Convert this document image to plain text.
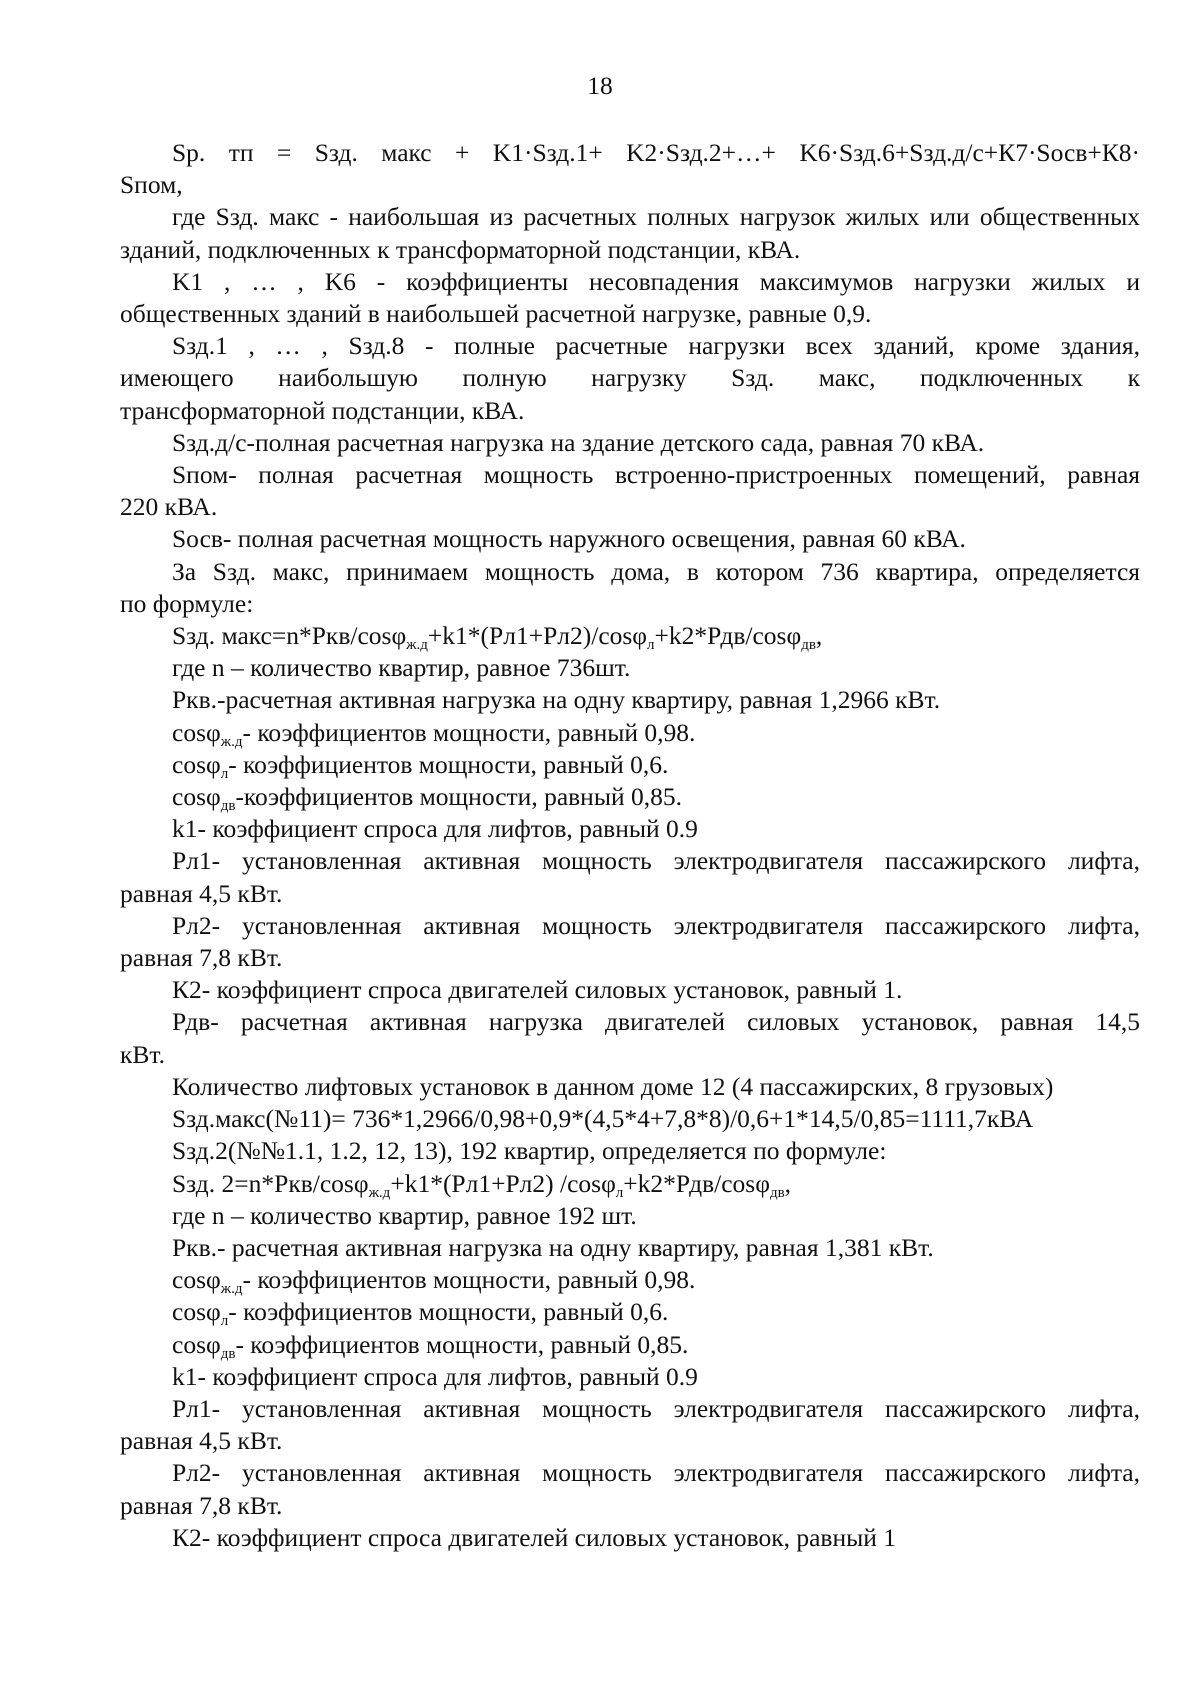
18

Sр. тп = Sзд. макс + K1·Sзд.1+ K2·Sзд.2+…+ K6·Sзд.6+Sзд.д/с+К7·Sосв+К8·

Sпом,

где Sзд. макс - наибольшая из расчетных полных нагрузок жилых или общественных зданий, подключенных к трансформаторной подстанции, кВА.

K1 , … , K6 - коэффициенты несовпадения максимумов нагрузки жилых и общественных зданий в наибольшей расчетной нагрузке, равные 0,9.

Sзд.1 , … , Sзд.8 - полные расчетные нагрузки всех зданий, кроме здания,

имеющего наибольшую полную нагрузку Sзд. макс, подключенных к

трансформаторной подстанции, кВА.

Sзд.д/с-полная расчетная нагрузка на здание детского сада, равная 70 кВА.

Sпом- полная расчетная мощность встроенно-пристроенных помещений, равная

220 кВА.

Sосв- полная расчетная мощность наружного освещения, равная 60 кВА.

За Sзд. макс, принимаем мощность дома, в котором 736 квартира, определяется

по формуле:

Sзд. макс=n*Ркв/cosφ$_{ж.д}$+k1*(Рл1+Рл2)/cosφ$_л$+k2*Рдв/cosφ$_{дв}$,

где n – количество квартир, равное 736шт.

Ркв.-расчетная активная нагрузка на одну квартиру, равная 1,2966 кВт.

cosφ$_{ж.д}$- коэффициентов мощности, равный 0,98.

cosφ$_л$- коэффициентов мощности, равный 0,6.

cosφ$_{дв}$-коэффициентов мощности, равный 0,85.

k1- коэффициент спроса для лифтов, равный 0.9

Рл1- установленная активная мощность электродвигателя пассажирского лифта,

равная 4,5 кВт.

Рл2- установленная активная мощность электродвигателя пассажирского лифта,

равная 7,8 кВт.

К2- коэффициент спроса двигателей силовых установок, равный 1.

Рдв- расчетная активная нагрузка двигателей силовых установок, равная 14,5

кВт.

Количество лифтовых установок в данном доме 12 (4 пассажирских, 8 грузовых)

Sзд.макс(№11)= 736*1,2966/0,98+0,9*(4,5*4+7,8*8)/0,6+1*14,5/0,85=1111,7кВА

Sзд.2(№№1.1, 1.2, 12, 13), 192 квартир, определяется по формуле:

Sзд. 2=n*Ркв/cosφ$_{ж.д}$+k1*(Рл1+Рл2) /cosφ$_л$+k2*Рдв/cosφ$_{дв}$,

где n – количество квартир, равное 192 шт.

Ркв.- расчетная активная нагрузка на одну квартиру, равная 1,381 кВт.

cosφ$_{ж.д}$- коэффициентов мощности, равный 0,98.

cosφ$_л$- коэффициентов мощности, равный 0,6.

cosφ$_{дв}$- коэффициентов мощности, равный 0,85.

k1- коэффициент спроса для лифтов, равный 0.9

Рл1- установленная активная мощность электродвигателя пассажирского лифта,

равная 4,5 кВт.

Рл2- установленная активная мощность электродвигателя пассажирского лифта,

равная 7,8 кВт.

К2- коэффициент спроса двигателей силовых установок, равный 1
